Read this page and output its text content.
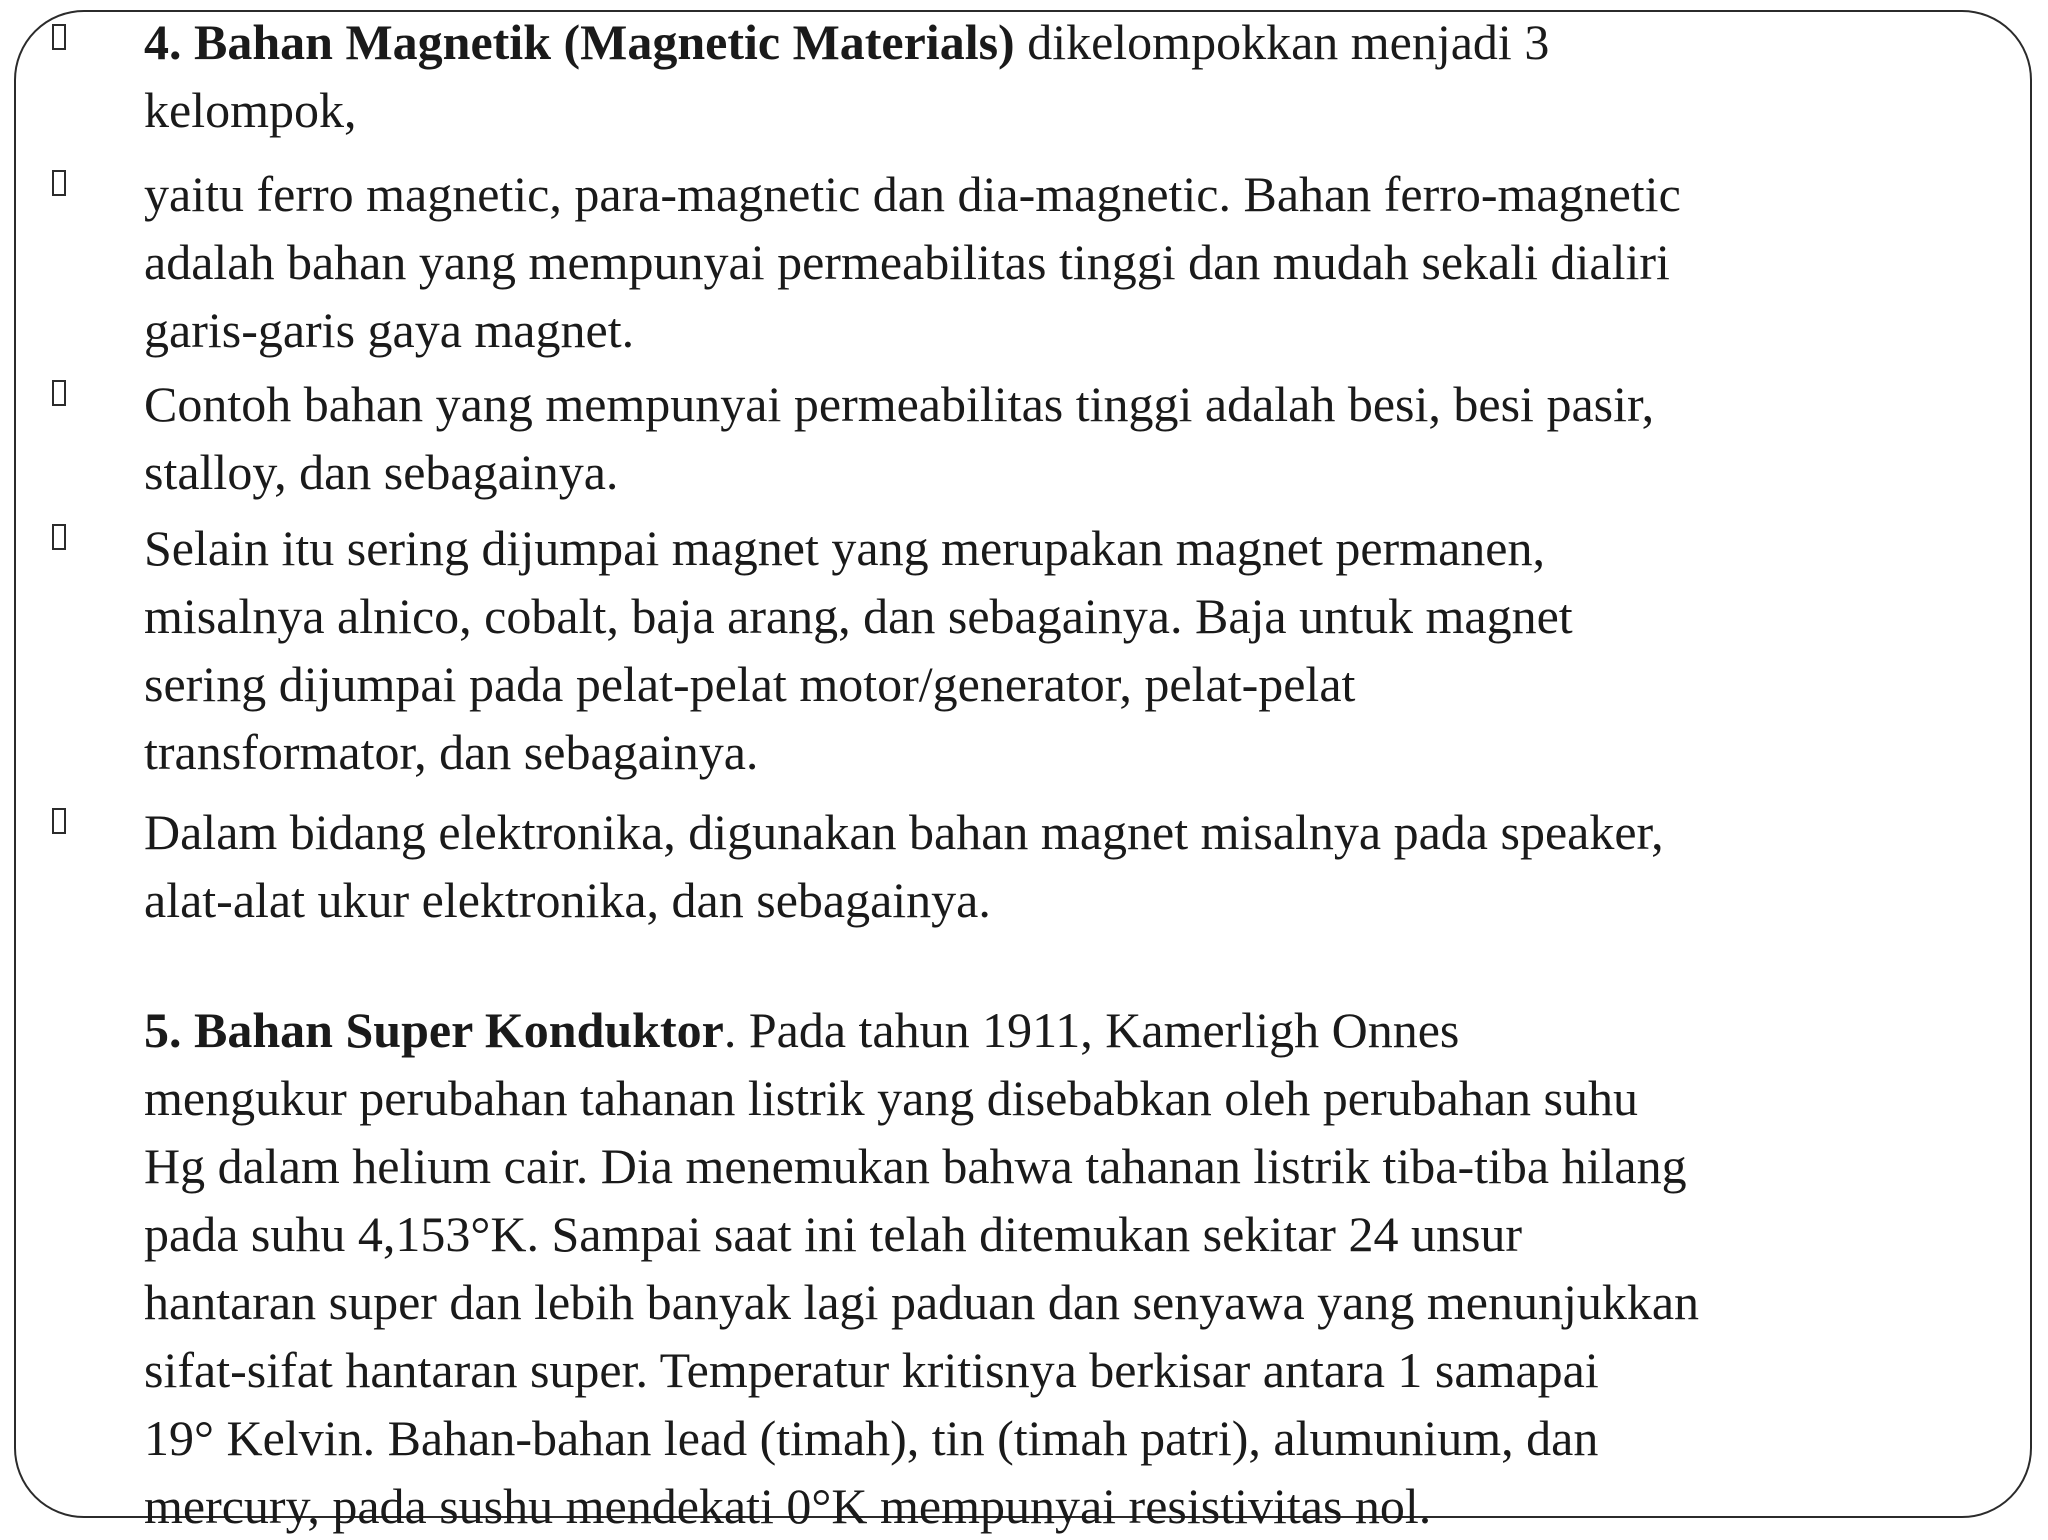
4. Bahan Magnetik (Magnetic Materials) dikelompokkan menjadi 3
kelompok,
yaitu ferro magnetic, para-magnetic dan dia-magnetic. Bahan ferro-magnetic
adalah bahan yang mempunyai permeabilitas tinggi dan mudah sekali dialiri
garis-garis gaya magnet.
Contoh bahan yang mempunyai permeabilitas tinggi adalah besi, besi pasir,
stalloy, dan sebagainya.
Selain itu sering dijumpai magnet yang merupakan magnet permanen,
misalnya alnico, cobalt, baja arang, dan sebagainya. Baja untuk magnet
sering dijumpai pada pelat-pelat motor/generator, pelat-pelat
transformator, dan sebagainya.
Dalam bidang elektronika, digunakan bahan magnet misalnya pada speaker,
alat-alat ukur elektronika, dan sebagainya.
5. Bahan Super Konduktor. Pada tahun 1911, Kamerligh Onnes
mengukur perubahan tahanan listrik yang disebabkan oleh perubahan suhu
Hg dalam helium cair. Dia menemukan bahwa tahanan listrik tiba-tiba hilang
pada suhu 4,153°K. Sampai saat ini telah ditemukan sekitar 24 unsur
hantaran super dan lebih banyak lagi paduan dan senyawa yang menunjukkan
sifat-sifat hantaran super. Temperatur kritisnya berkisar antara 1 samapai
19° Kelvin. Bahan-bahan lead (timah), tin (timah patri), alumunium, dan
mercury, pada sushu mendekati 0°K mempunyai resistivitas nol.
